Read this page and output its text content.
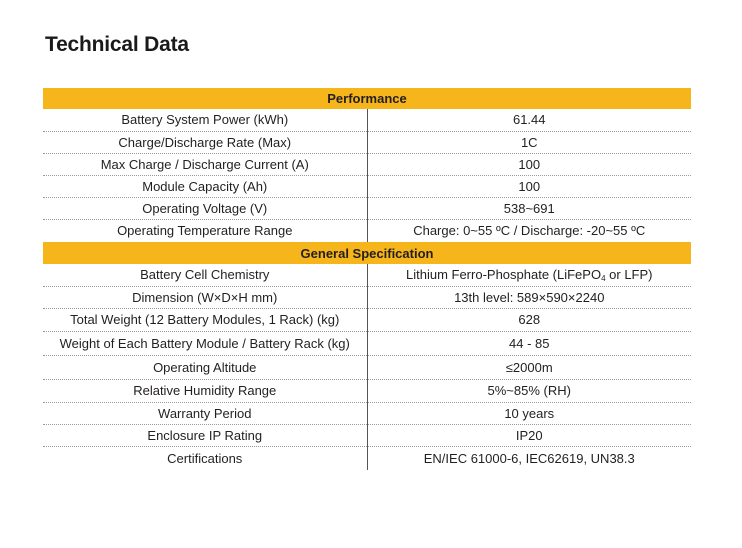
Technical Data
Performance	
Battery System Power (kWh)	61.44
Charge/Discharge Rate (Max)	1C
Max Charge / Discharge Current (A)	100
Module Capacity (Ah)	100
Operating Voltage (V)	538~691
Operating Temperature Range	Charge: 0~55 ºC / Discharge: -20~55 ºC
General Specification	
Battery Cell Chemistry	Lithium Ferro-Phosphate (LiFePO$_4$ or LFP)
Dimension (W×D×H mm)	13th level: 589×590×2240
Total Weight (12 Battery Modules, 1 Rack) (kg)	628
Weight of Each Battery Module / Battery Rack (kg)	44 - 85
Operating Altitude	≤2000m
Relative Humidity Range	5%~85% (RH)
Warranty Period	10 years
Enclosure IP Rating	IP20
Certifications	EN/IEC 61000-6, IEC62619, UN38.3
